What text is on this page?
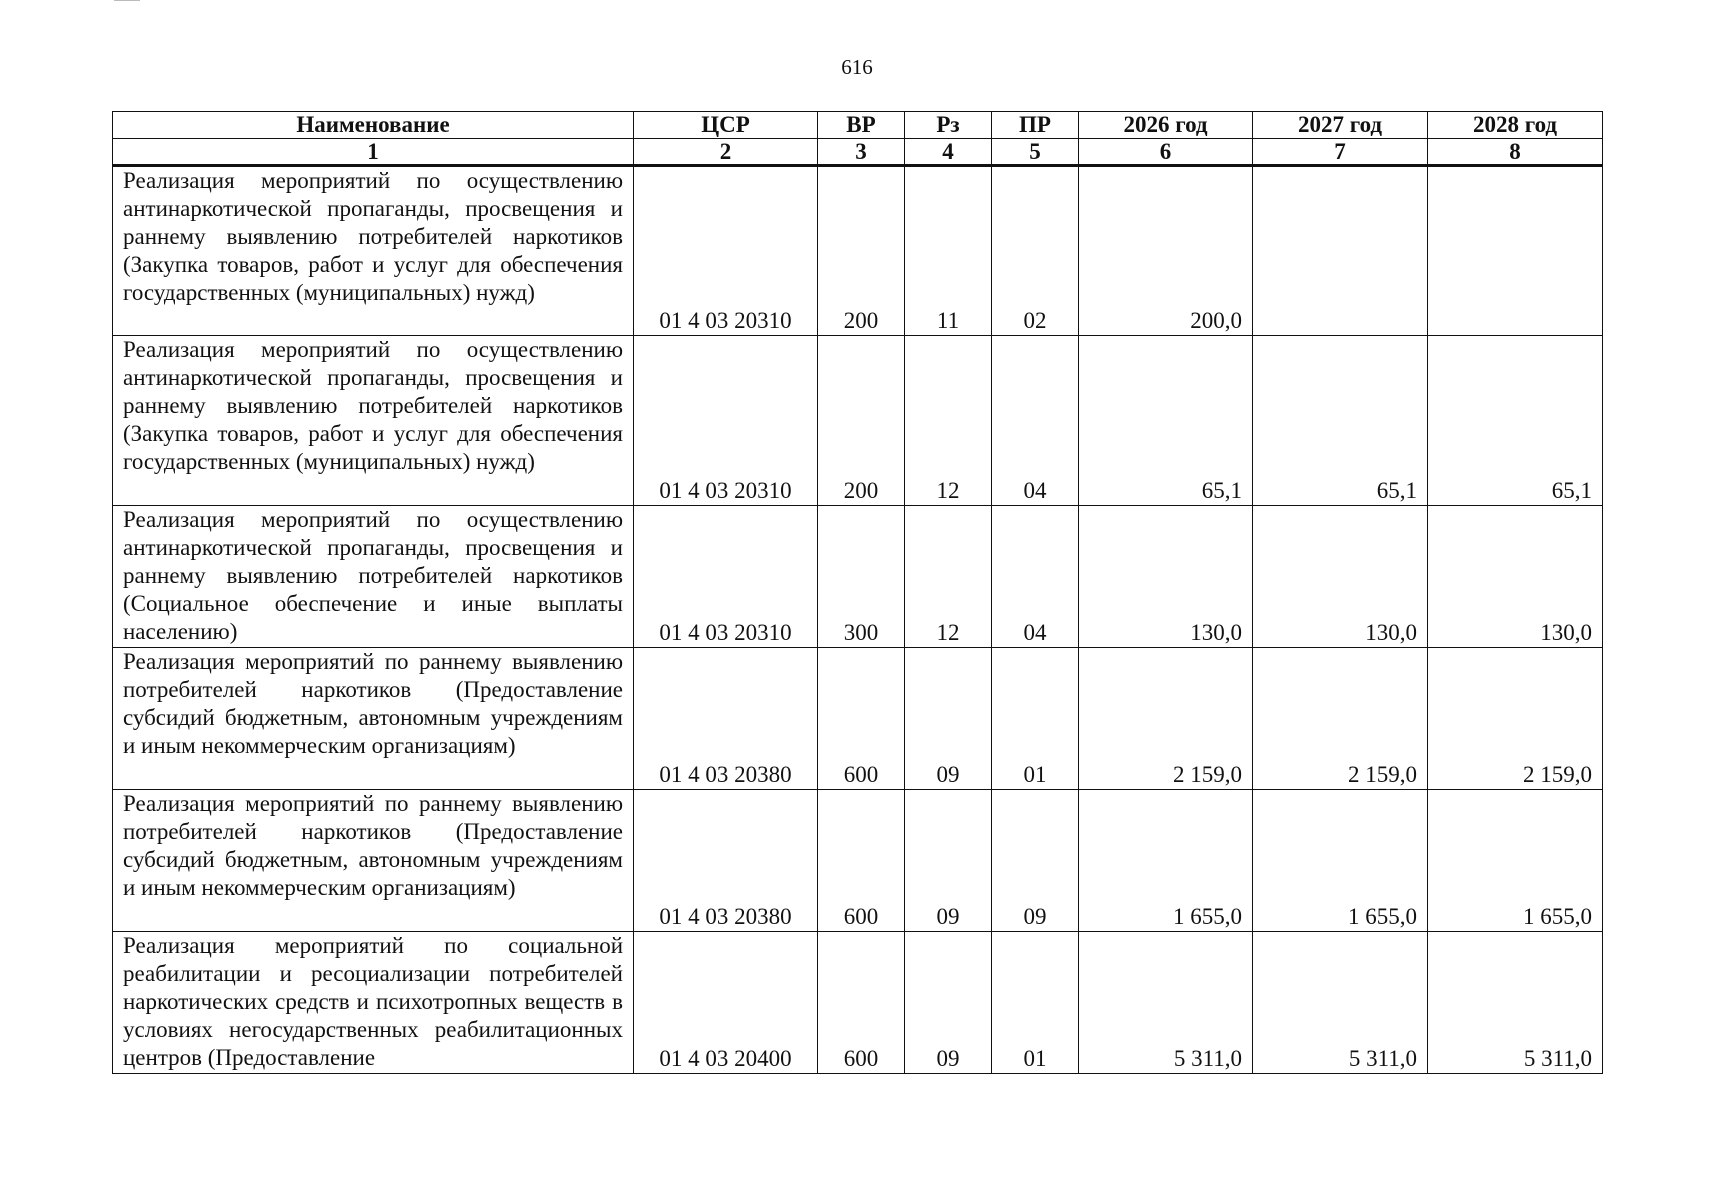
616
Наименование	ЦСР	ВР	Рз	ПР	2026 год	2027 год	2028 год
1	2	3	4	5	6	7	8
Реализация мероприятий по осуществлению антинаркотической пропаганды, просвещения и раннему выявлению потребителей наркотиков (Закупка товаров, работ и услуг для обеспечения государственных (муниципальных) нужд)	01 4 03 20310	200	11	02	200,0		
Реализация мероприятий по осуществлению антинаркотической пропаганды, просвещения и раннему выявлению потребителей наркотиков (Закупка товаров, работ и услуг для обеспечения государственных (муниципальных) нужд)	01 4 03 20310	200	12	04	65,1	65,1	65,1
Реализация мероприятий по осуществлению антинаркотической пропаганды, просвещения и раннему выявлению потребителей наркотиков (Социальное обеспечение и иные выплаты населению)	01 4 03 20310	300	12	04	130,0	130,0	130,0
Реализация мероприятий по раннему выявлению потребителей наркотиков (Предоставление субсидий бюджетным, автономным учреждениям и иным некоммерческим организациям)	01 4 03 20380	600	09	01	2 159,0	2 159,0	2 159,0
Реализация мероприятий по раннему выявлению потребителей наркотиков (Предоставление субсидий бюджетным, автономным учреждениям и иным некоммерческим организациям)	01 4 03 20380	600	09	09	1 655,0	1 655,0	1 655,0
Реализация мероприятий по социальной реабилитации и ресоциализации потребителей наркотических средств и психотропных веществ в условиях негосударственных реабилитационных центров (Предоставление	01 4 03 20400	600	09	01	5 311,0	5 311,0	5 311,0
